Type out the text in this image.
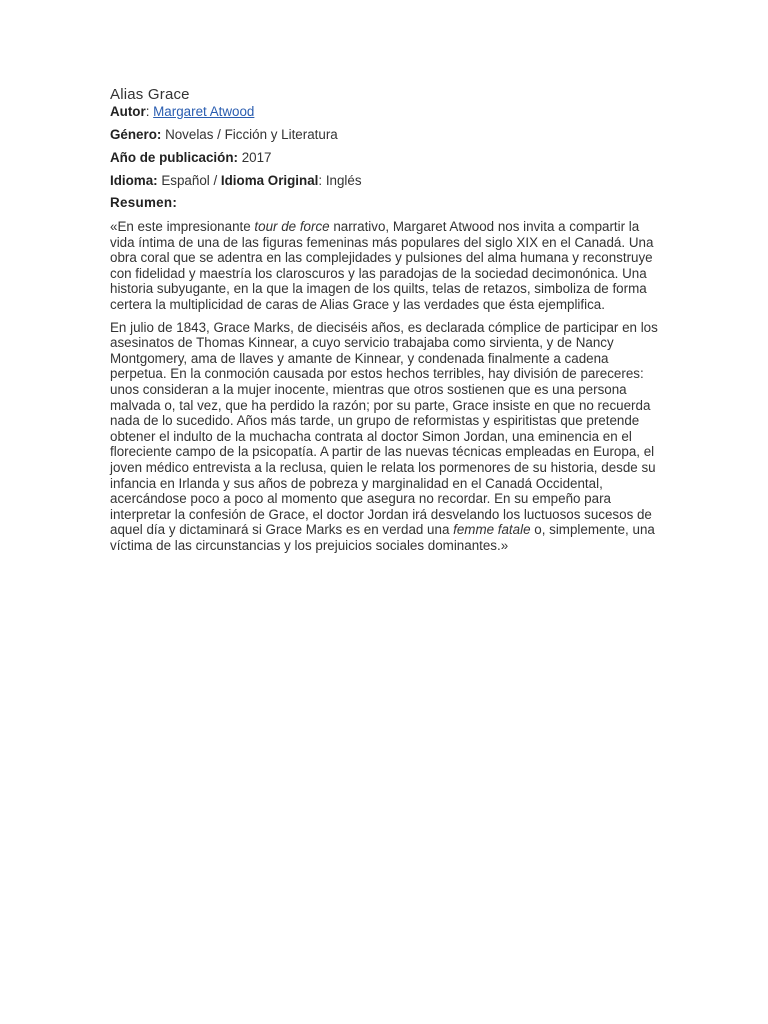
Alias Grace

Autor: Margaret Atwood

Género: Novelas / Ficción y Literatura

Año de publicación: 2017

Idioma: Español / Idioma Original: Inglés

Resumen:

«En este impresionante tour de force narrativo, Margaret Atwood nos invita a compartir la vida íntima de una de las figuras femeninas más populares del siglo XIX en el Canadá. Una obra coral que se adentra en las complejidades y pulsiones del alma humana y reconstruye con fidelidad y maestría los claroscuros y las paradojas de la sociedad decimonónica. Una historia subyugante, en la que la imagen de los quilts, telas de retazos, simboliza de forma certera la multiplicidad de caras de Alias Grace y las verdades que ésta ejemplifica.

En julio de 1843, Grace Marks, de dieciséis años, es declarada cómplice de participar en los asesinatos de Thomas Kinnear, a cuyo servicio trabajaba como sirvienta, y de Nancy Montgomery, ama de llaves y amante de Kinnear, y condenada finalmente a cadena perpetua. En la conmoción causada por estos hechos terribles, hay división de pareceres: unos consideran a la mujer inocente, mientras que otros sostienen que es una persona malvada o, tal vez, que ha perdido la razón; por su parte, Grace insiste en que no recuerda nada de lo sucedido. Años más tarde, un grupo de reformistas y espiritistas que pretende obtener el indulto de la muchacha contrata al doctor Simon Jordan, una eminencia en el floreciente campo de la psicopatía. A partir de las nuevas técnicas empleadas en Europa, el joven médico entrevista a la reclusa, quien le relata los pormenores de su historia, desde su infancia en Irlanda y sus años de pobreza y marginalidad en el Canadá Occidental, acercándose poco a poco al momento que asegura no recordar. En su empeño para interpretar la confesión de Grace, el doctor Jordan irá desvelando los luctuosos sucesos de aquel día y dictaminará si Grace Marks es en verdad una femme fatale o, simplemente, una víctima de las circunstancias y los prejuicios sociales dominantes.»
